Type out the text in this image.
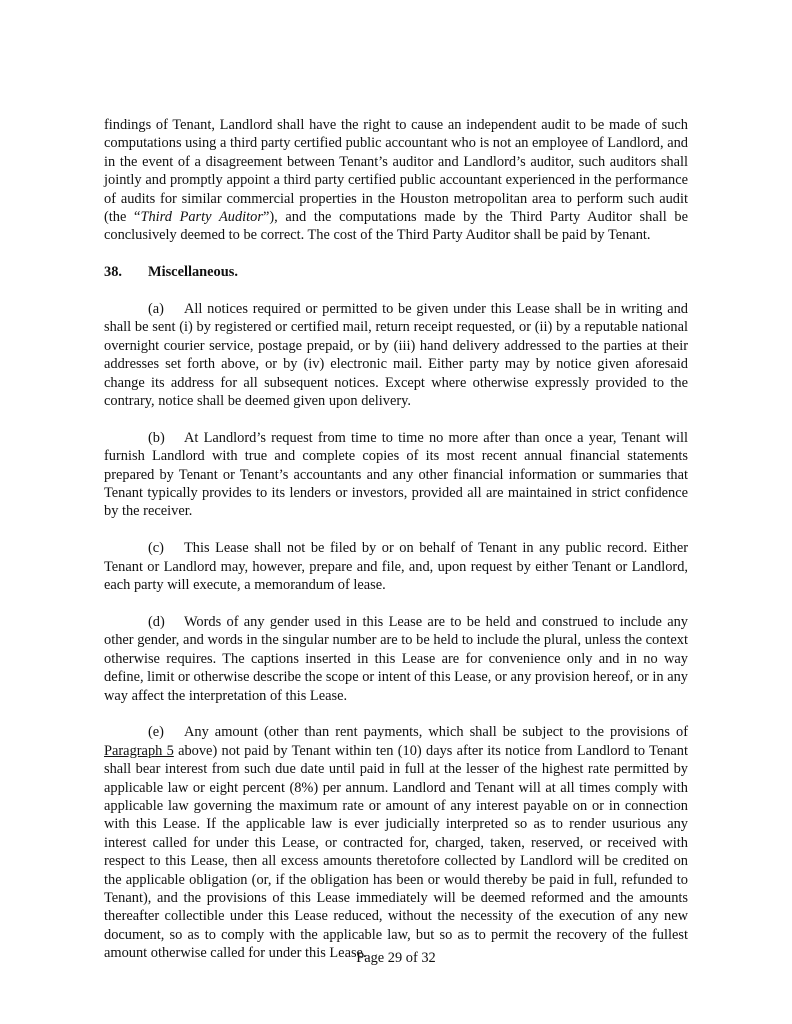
findings of Tenant, Landlord shall have the right to cause an independent audit to be made of such computations using a third party certified public accountant who is not an employee of Landlord, and in the event of a disagreement between Tenant’s auditor and Landlord’s auditor, such auditors shall jointly and promptly appoint a third party certified public accountant experienced in the performance of audits for similar commercial properties in the Houston metropolitan area to perform such audit (the “Third Party Auditor”), and the computations made by the Third Party Auditor shall be conclusively deemed to be correct. The cost of the Third Party Auditor shall be paid by Tenant.

38. Miscellaneous.

(a) All notices required or permitted to be given under this Lease shall be in writing and shall be sent (i) by registered or certified mail, return receipt requested, or (ii) by a reputable national overnight courier service, postage prepaid, or by (iii) hand delivery addressed to the parties at their addresses set forth above, or by (iv) electronic mail. Either party may by notice given aforesaid change its address for all subsequent notices. Except where otherwise expressly provided to the contrary, notice shall be deemed given upon delivery.

(b) At Landlord’s request from time to time no more after than once a year, Tenant will furnish Landlord with true and complete copies of its most recent annual financial statements prepared by Tenant or Tenant’s accountants and any other financial information or summaries that Tenant typically provides to its lenders or investors, provided all are maintained in strict confidence by the receiver.

(c) This Lease shall not be filed by or on behalf of Tenant in any public record. Either Tenant or Landlord may, however, prepare and file, and, upon request by either Tenant or Landlord, each party will execute, a memorandum of lease.

(d) Words of any gender used in this Lease are to be held and construed to include any other gender, and words in the singular number are to be held to include the plural, unless the context otherwise requires. The captions inserted in this Lease are for convenience only and in no way define, limit or otherwise describe the scope or intent of this Lease, or any provision hereof, or in any way affect the interpretation of this Lease.

(e) Any amount (other than rent payments, which shall be subject to the provisions of Paragraph 5 above) not paid by Tenant within ten (10) days after its notice from Landlord to Tenant shall bear interest from such due date until paid in full at the lesser of the highest rate permitted by applicable law or eight percent (8%) per annum. Landlord and Tenant will at all times comply with applicable law governing the maximum rate or amount of any interest payable on or in connection with this Lease. If the applicable law is ever judicially interpreted so as to render usurious any interest called for under this Lease, or contracted for, charged, taken, reserved, or received with respect to this Lease, then all excess amounts theretofore collected by Landlord will be credited on the applicable obligation (or, if the obligation has been or would thereby be paid in full, refunded to Tenant), and the provisions of this Lease immediately will be deemed reformed and the amounts thereafter collectible under this Lease reduced, without the necessity of the execution of any new document, so as to comply with the applicable law, but so as to permit the recovery of the fullest amount otherwise called for under this Lease.

Page 29 of 32
